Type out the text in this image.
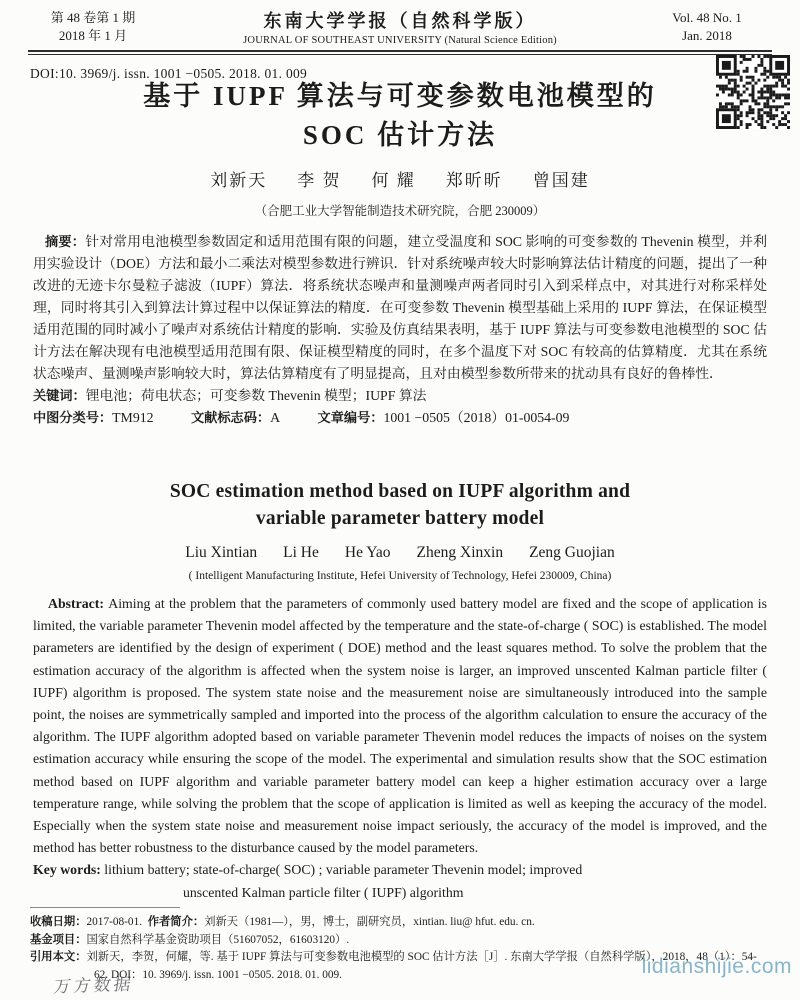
第 48 卷第 1 期
2018 年 1 月
东南大学学报（自然科学版）
JOURNAL OF SOUTHEAST UNIVERSITY (Natural Science Edition)
Vol. 48 No. 1
Jan. 2018
DOI:10. 3969/j. issn. 1001 −0505. 2018. 01. 009
基于 IUPF 算法与可变参数电池模型的
SOC 估计方法
刘新天 李 贺 何 耀 郑昕昕 曾国建
（合肥工业大学智能制造技术研究院，合肥 230009）

摘要：针对常用电池模型参数固定和适用范围有限的问题，建立受温度和 SOC 影响的可变参数的 Thevenin 模型，并利用实验设计（DOE）方法和最小二乘法对模型参数进行辨识．针对系统噪声较大时影响算法估计精度的问题，提出了一种改进的无迹卡尔曼粒子滤波（IUPF）算法．将系统状态噪声和量测噪声两者同时引入到采样点中，对其进行对称采样处理，同时将其引入到算法计算过程中以保证算法的精度．在可变参数 Thevenin 模型基础上采用的 IUPF 算法，在保证模型适用范围的同时减小了噪声对系统估计精度的影响．实验及仿真结果表明，基于 IUPF 算法与可变参数电池模型的 SOC 估计方法在解决现有电池模型适用范围有限、保证模型精度的同时，在多个温度下对 SOC 有较高的估算精度．尤其在系统状态噪声、量测噪声影响较大时，算法估算精度有了明显提高，且对由模型参数所带来的扰动具有良好的鲁棒性．

关键词：锂电池；荷电状态；可变参数 Thevenin 模型；IUPF 算法
中图分类号：TM912	文献标志码：A	文章编号：1001 −0505（2018）01-0054-09
SOC estimation method based on IUPF algorithm and
variable parameter battery model
Liu Xintian Li He He Yao Zheng Xinxin Zeng Guojian
( Intelligent Manufacturing Institute, Hefei University of Technology, Hefei 230009, China)

Abstract: Aiming at the problem that the parameters of commonly used battery model are fixed and the scope of application is limited, the variable parameter Thevenin model affected by the temperature and the state-of-charge ( SOC) is established. The model parameters are identified by the design of experiment ( DOE) method and the least squares method. To solve the problem that the estimation accuracy of the algorithm is affected when the system noise is larger, an improved unscented Kalman particle filter ( IUPF) algorithm is proposed. The system state noise and the measurement noise are simultaneously introduced into the sample point, the noises are symmetrically sampled and imported into the process of the algorithm calculation to ensure the accuracy of the algorithm. The IUPF algorithm adopted based on variable parameter Thevenin model reduces the impacts of noises on the system estimation accuracy while ensuring the scope of the model. The experimental and simulation results show that the SOC estimation method based on IUPF algorithm and variable parameter battery model can keep a higher estimation accuracy over a large temperature range, while solving the problem that the scope of application is limited as well as keeping the accuracy of the model. Especially when the system state noise and measurement noise impact seriously, the accuracy of the model is improved, and the method has better robustness to the disturbance caused by the model parameters.

Key words: lithium battery; state-of-charge( SOC) ; variable parameter Thevenin model; improved
unscented Kalman particle filter ( IUPF) algorithm
收稿日期：2017-08-01. 作者简介：刘新天（1981—），男，博士，副研究员，xintian. liu@ hfut. edu. cn.
基金项目：国家自然科学基金资助项目（51607052，61603120）.
引用本文：刘新天，李贺，何耀，等. 基于 IUPF 算法与可变参数电池模型的 SOC 估计方法［J］. 东南大学学报（自然科学版），2018，48（1）：54-
62. DOI：10. 3969/j. issn. 1001 −0505. 2018. 01. 009.
万方数据
lidianshijie.com
